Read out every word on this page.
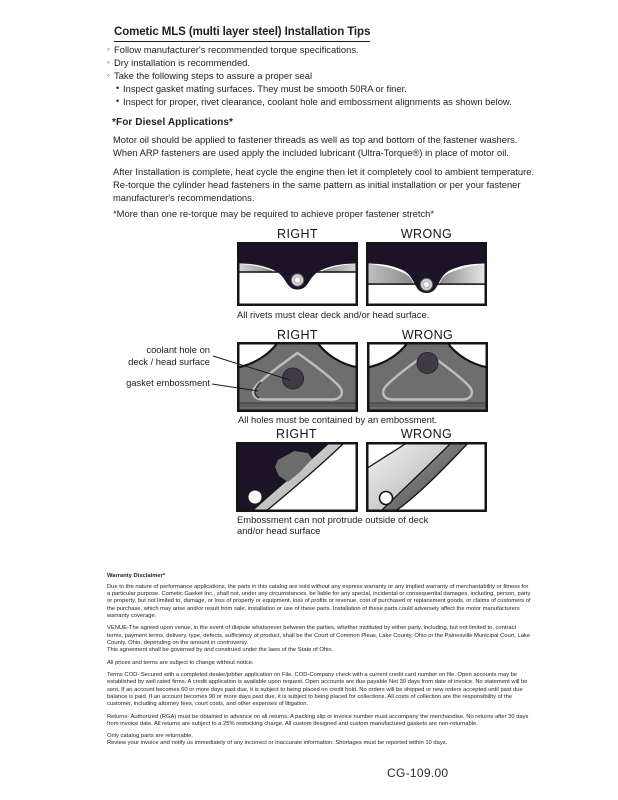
Cometic MLS (multi layer steel) Installation Tips
◦ Follow manufacturer's recommended torque specifications.
◦ Dry installation is recommended.
◦ Take the following steps to assure a proper seal
• Inspect gasket mating surfaces. They must be smooth 50RA or finer.
• Inspect for proper, rivet clearance, coolant hole and embossment alignments as shown below.
*For Diesel Applications*

Motor oil should be applied to fastener threads as well as top and bottom of the fastener washers. When ARP fasteners are used apply the included lubricant (Ultra-Torque®) in place of motor oil.

After Installation is complete, heat cycle the engine then let it completely cool to ambient temperature. Re-torque the cylinder head fasteners in the same pattern as initial installation or per your fastener manufacturer's recommendations.

*More than one re-torque may be required to achieve proper fastener stretch*

RIGHT	WRONG
All rivets must clear deck and/or head surface.
RIGHT	WRONG
coolant hole on
deck / head surface
gasket embossment
All holes must be contained by an embossment.
RIGHT	WRONG
Embossment can not protrude outside of deck
and/or head surface
Warranty Disclaimer*

Due to the nature of performance applications, the parts in this catalog are sold without any express warranty or any implied warranty of merchantability or fitness for a particular purpose. Cometic Gasket Inc., shall not, under any circumstances, be liable for any special, incidental or consequential damages, including, person, party or property, but not limited to, damage, or loss of property or equipment, loss of profits or revenue, cost of purchased or replacement goods, or claims of customers of the purchase, which may arise and/or result from sale, installation or use of these parts. Installation of these parts could adversely affect the motor manufacturers warranty coverage.

VENUE-The agreed upon venue, in the event of dispute whatsoever between the parties, whether instituted by either party, including, but not limited to, contract terms, payment terms, delivery, type, defects, sufficiency of product, shall be the Court of Common Pleas, Lake County, Ohio or the Painesville Municipal Court, Lake County, Ohio, depending on the amount in controversy.

This agreement shall be governed by and construed under the laws of the State of Ohio.

All prices and terms are subject to change without notice.

Terms COD- Secured with a completed dealer/jobber application on File, COD-Company check with a current credit card number on file. Open accounts may be established by well rated firms. A credit application is available upon request. Open accounts are due payable Net 30 days from date of invoice. No statement will be sent. If an account becomes 60 or more days past due, it is subject to being placed on credit hold. No orders will be shipped or new orders accepted until past due balance is paid. If an account becomes 90 or more days past due, it is subject to being placed for collections. All costs of collection are the responsibility of the customer, including attorney fees, court costs, and other expenses of litigation.

Returns- Authorized (RGA) must be obtained in advance on all returns. A packing slip or invoice number must accompany the merchandise. No returns after 30 days from invoice date. All returns are subject to a 25% restocking charge. All custom designed and custom manufactured gaskets are non-returnable.

Only catalog parts are returnable.

Review your invoice and notify us immediately of any incorrect or inaccurate information. Shortages must be reported within 10 days.

CG-109.00
